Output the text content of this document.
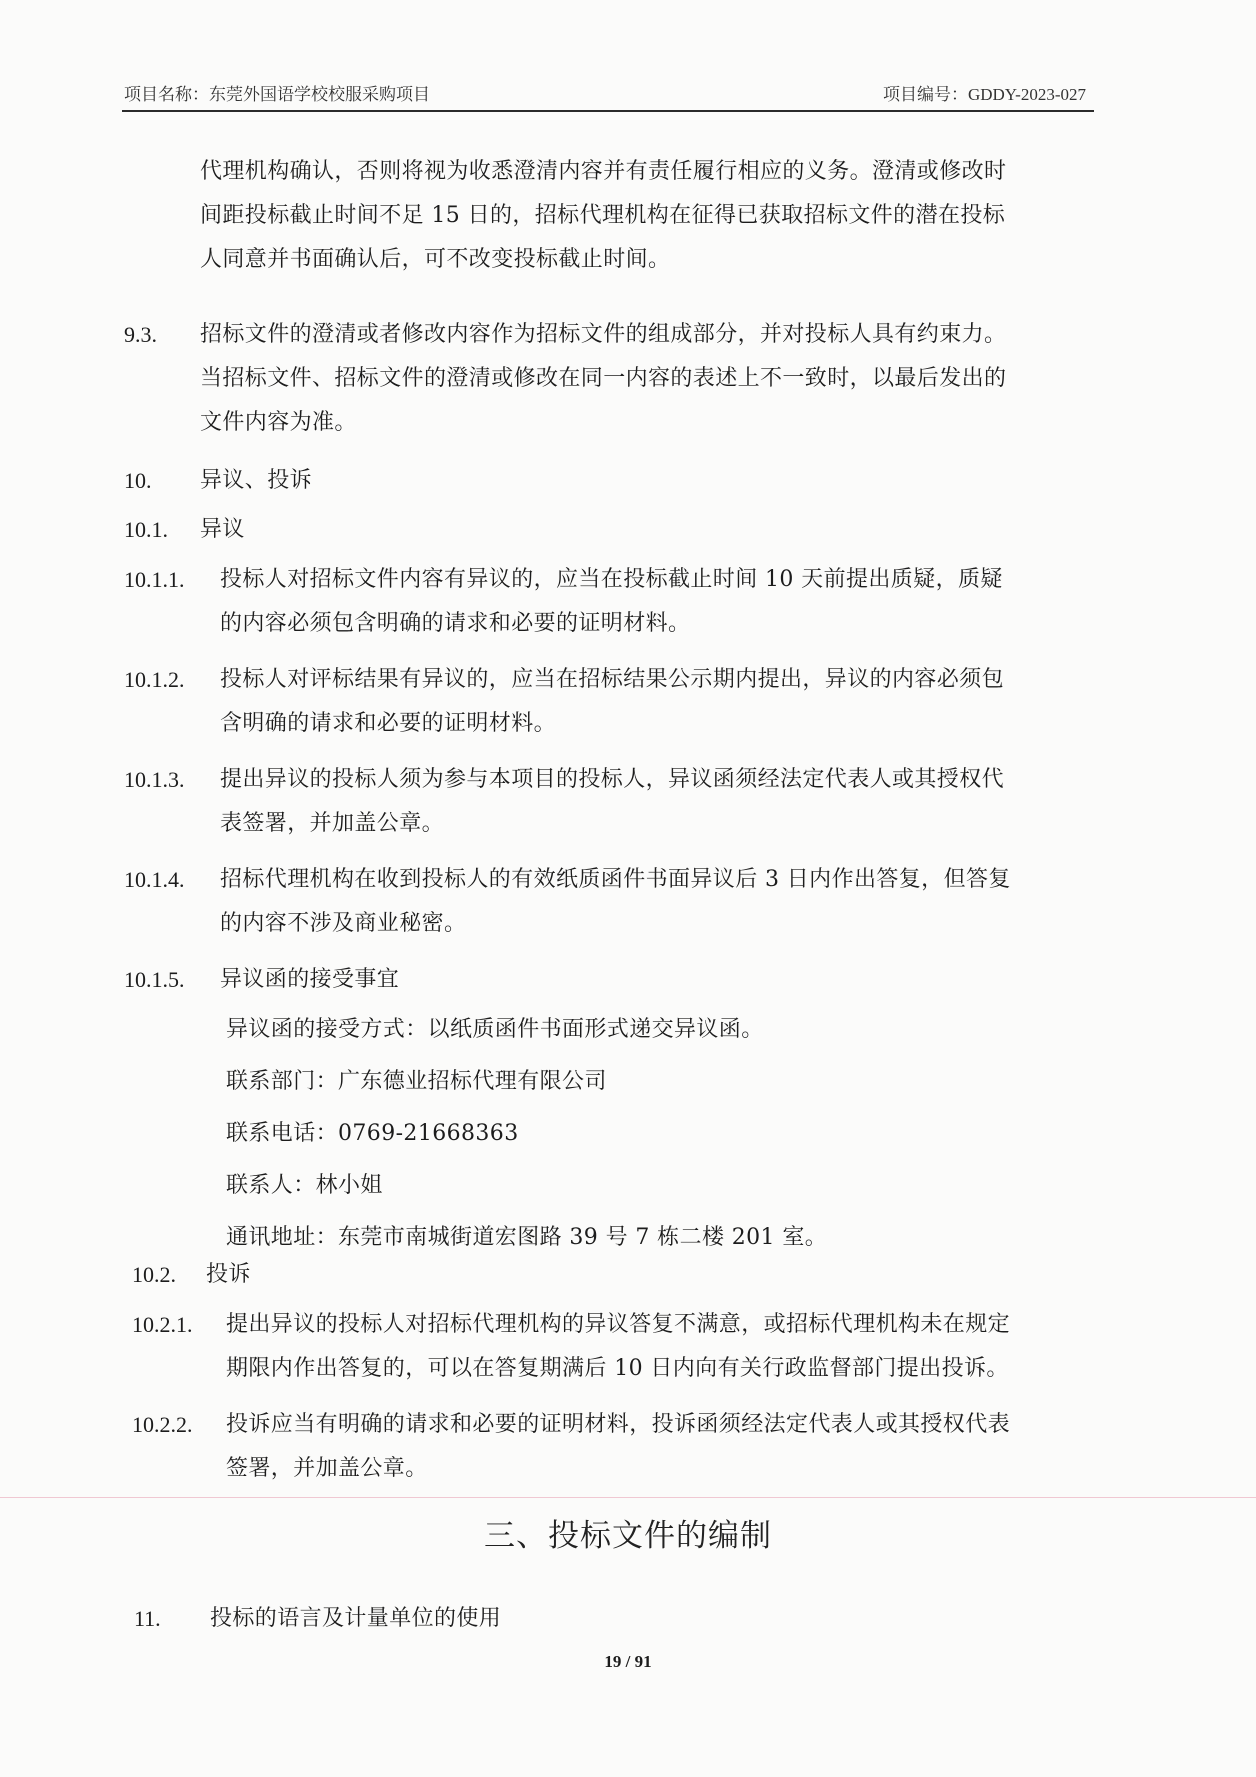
项目名称：东莞外国语学校校服采购项目	项目编号：GDDY-2023-027
代理机构确认，否则将视为收悉澄清内容并有责任履行相应的义务。澄清或修改时
间距投标截止时间不足 15 日的，招标代理机构在征得已获取招标文件的潜在投标
人同意并书面确认后，可不改变投标截止时间。
9.3. 招标文件的澄清或者修改内容作为招标文件的组成部分，并对投标人具有约束力。
当招标文件、招标文件的澄清或修改在同一内容的表述上不一致时，以最后发出的
文件内容为准。
10. 异议、投诉
10.1. 异议
10.1.1. 投标人对招标文件内容有异议的，应当在投标截止时间 10 天前提出质疑，质疑
的内容必须包含明确的请求和必要的证明材料。
10.1.2. 投标人对评标结果有异议的，应当在招标结果公示期内提出，异议的内容必须包
含明确的请求和必要的证明材料。
10.1.3. 提出异议的投标人须为参与本项目的投标人，异议函须经法定代表人或其授权代
表签署，并加盖公章。
10.1.4. 招标代理机构在收到投标人的有效纸质函件书面异议后 3 日内作出答复，但答复
的内容不涉及商业秘密。
10.1.5. 异议函的接受事宜
异议函的接受方式：以纸质函件书面形式递交异议函。
联系部门：广东德业招标代理有限公司
联系电话：0769-21668363
联系人：林小姐
通讯地址：东莞市南城街道宏图路 39 号 7 栋二楼 201 室。
10.2. 投诉
10.2.1. 提出异议的投标人对招标代理机构的异议答复不满意，或招标代理机构未在规定
期限内作出答复的，可以在答复期满后 10 日内向有关行政监督部门提出投诉。
10.2.2. 投诉应当有明确的请求和必要的证明材料，投诉函须经法定代表人或其授权代表
签署，并加盖公章。
三、投标文件的编制
11. 投标的语言及计量单位的使用
19 / 91
